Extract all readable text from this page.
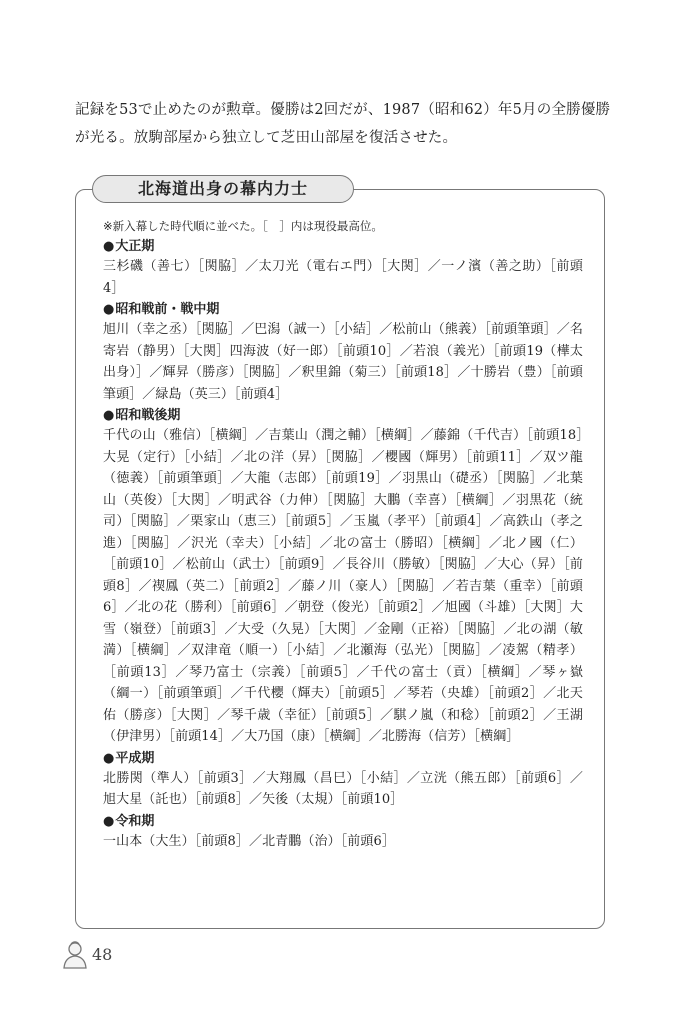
記録を53で止めたのが勲章。優勝は2回だが、1987（昭和62）年5月の全勝優勝が光る。放駒部屋から独立して芝田山部屋を復活させた。
北海道出身の幕内力士
※新入幕した時代順に並べた。［　］内は現役最高位。
● 大正期
三杉磯（善七）［関脇］／太刀光（電右エ門）［大関］／一ノ濱（善之助）［前頭4］
● 昭和戦前・戦中期
旭川（幸之丞）［関脇］／巴潟（誠一）［小結］／松前山（熊義）［前頭筆頭］／名寄岩（静男）［大関］四海波（好一郎）［前頭10］／若浪（義光）［前頭19（樺太出身）］／輝昇（勝彦）［関脇］／釈里錦（菊三）［前頭18］／十勝岩（豊）［前頭筆頭］／緑島（英三）［前頭4］
● 昭和戦後期
千代の山（雅信）［横綱］／吉葉山（潤之輔）［横綱］／藤錦（千代吉）［前頭18］大晃（定行）［小結］／北の洋（昇）［関脇］／櫻國（輝男）［前頭11］／双ツ龍（徳義）［前頭筆頭］／大龍（志郎）［前頭19］／羽黒山（礎丞）［関脇］／北葉山（英俊）［大関］／明武谷（力伸）［関脇］大鵬（幸喜）［横綱］／羽黒花（統司）［関脇］／栗家山（恵三）［前頭5］／玉嵐（孝平）［前頭4］／高鉄山（孝之進）［関脇］／沢光（幸夫）［小結］／北の富士（勝昭）［横綱］／北ノ國（仁）［前頭10］／松前山（武士）［前頭9］／長谷川（勝敏）［関脇］／大心（昇）［前頭8］／禊鳳（英二）［前頭2］／藤ノ川（豪人）［関脇］／若吉葉（重幸）［前頭6］／北の花（勝利）［前頭6］／朝登（俊光）［前頭2］／旭國（斗雄）［大関］大雪（嶺登）［前頭3］／大受（久晃）［大関］／金剛（正裕）［関脇］／北の湖（敏満）［横綱］／双津竜（順一）［小結］／北瀬海（弘光）［関脇］／凌駕（精孝）［前頭13］／琴乃富士（宗義）［前頭5］／千代の富士（貢）［横綱］／琴ヶ嶽（綱一）［前頭筆頭］／千代櫻（輝夫）［前頭5］／琴若（央雄）［前頭2］／北天佑（勝彦）［大関］／琴千歳（幸征）［前頭5］／騏ノ嵐（和稔）［前頭2］／王湖（伊津男）［前頭14］／大乃国（康）［横綱］／北勝海（信芳）［横綱］
● 平成期
北勝関（準人）［前頭3］／大翔鳳（昌巳）［小結］／立洸（熊五郎）［前頭6］／旭大星（託也）［前頭8］／矢後（太規）［前頭10］
● 令和期
一山本（大生）［前頭8］／北青鵬（治）［前頭6］
48
